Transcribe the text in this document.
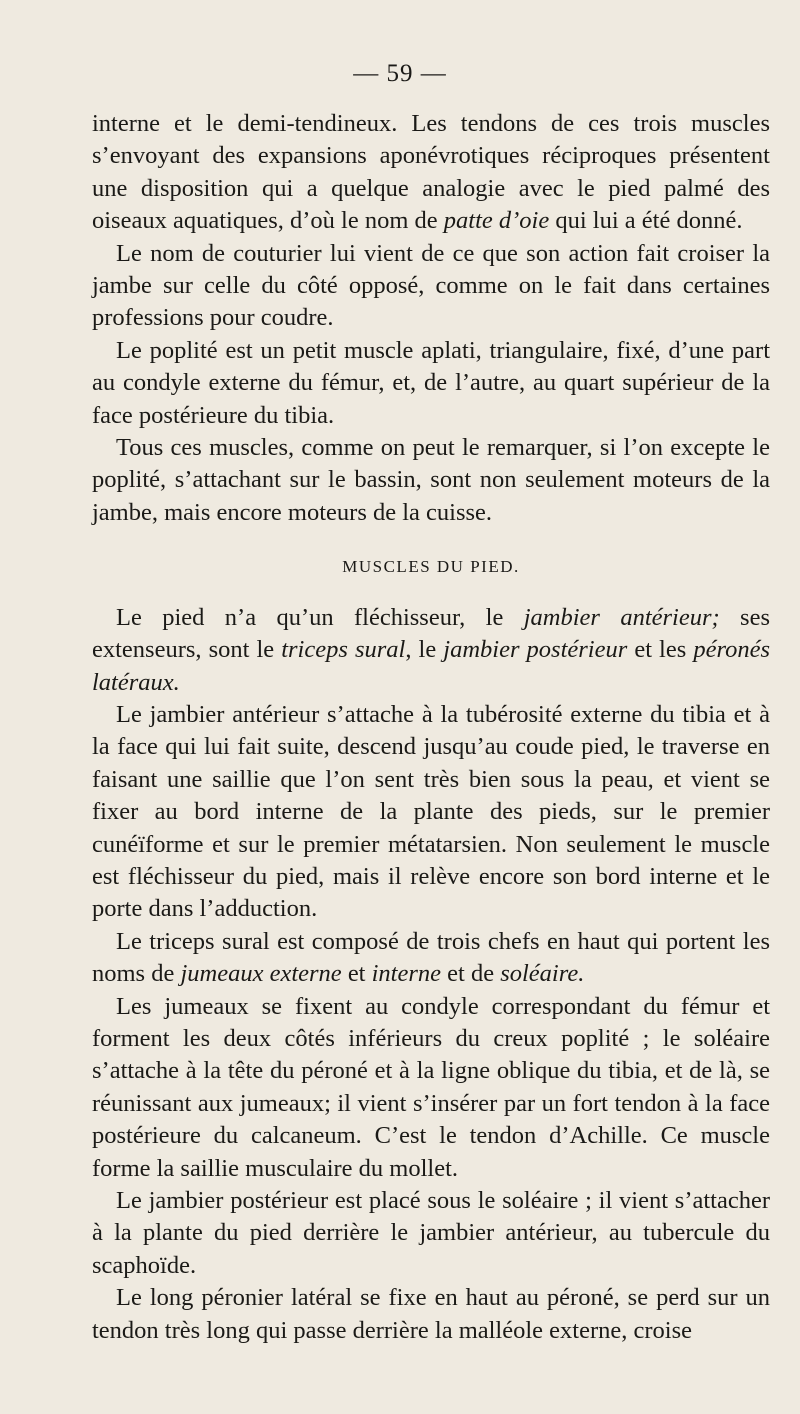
— 59 —

interne et le demi-tendineux. Les tendons de ces trois muscles s’envoyant des expansions aponévrotiques réciproques présentent une disposition qui a quelque analogie avec le pied palmé des oiseaux aquatiques, d’où le nom de patte d’oie qui lui a été donné.

Le nom de couturier lui vient de ce que son action fait croiser la jambe sur celle du côté opposé, comme on le fait dans certaines professions pour coudre.

Le poplité est un petit muscle aplati, triangulaire, fixé, d’une part au condyle externe du fémur, et, de l’autre, au quart supérieur de la face postérieure du tibia.

Tous ces muscles, comme on peut le remarquer, si l’on excepte le poplité, s’attachant sur le bassin, sont non seulement moteurs de la jambe, mais encore moteurs de la cuisse.

MUSCLES DU PIED.

Le pied n’a qu’un fléchisseur, le jambier antérieur; ses extenseurs, sont le triceps sural, le jambier postérieur et les péronés latéraux.

Le jambier antérieur s’attache à la tubérosité externe du tibia et à la face qui lui fait suite, descend jusqu’au coude pied, le traverse en faisant une saillie que l’on sent très bien sous la peau, et vient se fixer au bord interne de la plante des pieds, sur le premier cunéïforme et sur le premier métatarsien. Non seulement le muscle est fléchisseur du pied, mais il relève encore son bord interne et le porte dans l’adduction.

Le triceps sural est composé de trois chefs en haut qui portent les noms de jumeaux externe et interne et de soléaire.

Les jumeaux se fixent au condyle correspondant du fémur et forment les deux côtés inférieurs du creux poplité ; le soléaire s’attache à la tête du péroné et à la ligne oblique du tibia, et de là, se réunissant aux jumeaux; il vient s’insérer par un fort tendon à la face postérieure du calcaneum. C’est le tendon d’Achille. Ce muscle forme la saillie musculaire du mollet.

Le jambier postérieur est placé sous le soléaire ; il vient s’attacher à la plante du pied derrière le jambier antérieur, au tubercule du scaphoïde.

Le long péronier latéral se fixe en haut au péroné, se perd sur un tendon très long qui passe derrière la malléole externe, croise
